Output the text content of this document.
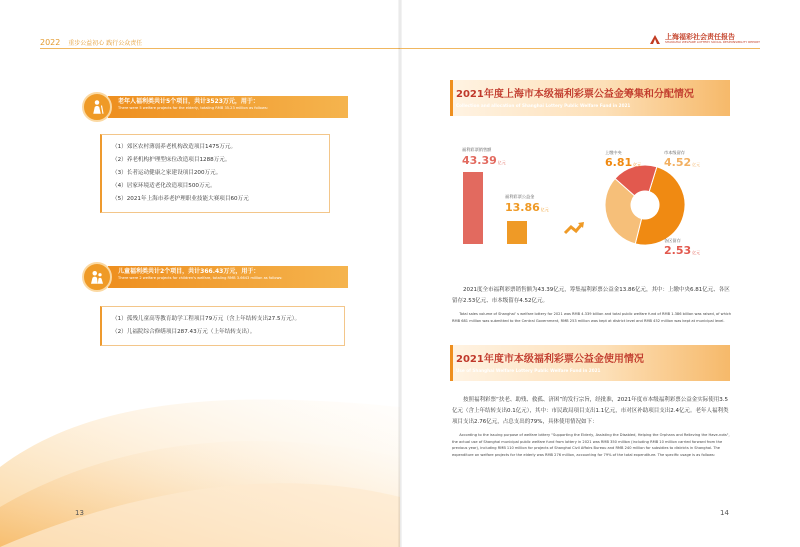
2022 重步公益初心 践行公众责任
老年人福利类共计5个项目，共计3523万元，用于：
There were 5 welfare projects for the elderly, totaling RMB 35.23 million as follows:
（1）郊区农村薄弱养老机构改造项目1475万元。
（2）养老机构护理型床位改造项目1288万元。
（3）长者运动健康之家建设项目200万元。
（4）居家环境适老化改造项目500万元。
（5）2021年上海市养老护理职业技能大赛项目60万元
儿童福利类共计2个项目，共计366.43万元，用于：
There were 2 welfare projects for children's welfare, totaling RMB 3.6643 million as follows:
（1）孤残儿童高等教育助学工程项目79万元（含上年结转支出27.5万元）。
（2）儿福院综合修缮项目287.43万元（上年结转支出）。
13	14
上海福彩社会责任报告
SHANGHAI WELFARE LOTTERY SOCIAL RESPONSIBILITY REPORT
2021年度上海市本级福利彩票公益金筹集和分配情况
Collection and allocation of Shanghai Lottery Public Welfare Fund in 2021
福利彩票销售额
43.39亿元
福利彩票公益金
13.86亿元
上缴中央
6.81亿元
市本级留存
4.52亿元
各区留存
2.53亿元
2021度全市福利彩票销售额为43.39亿元，筹集福利彩票公益金13.86亿元，其中：上缴中央6.81亿元、各区留存2.53亿元、市本级留存4.52亿元。
Total sales volume of Shanghai’ s welfare lottery for 2021 was RMB 4.339 billion and total public welfare fund of RMB 1.386 billion was raised, of which RMB 681 million was submitted to the Central Government, RMB 253 million was kept at district level and RMB 452 million was kept at municipal level.
2021年度市本级福利彩票公益金使用情况
Use of Shanghai Welfare Lottery Public Welfare Fund in 2021
按照福利彩票“扶老、助残、救孤、济困”的发行宗旨，经批准，2021年度市本级福利彩票公益金实际使用3.5亿元（含上年结转支出0.1亿元），其中：市民政局项目支出1.1亿元，市对区补助项目支出2.4亿元。老年人福利类项目支出2.76亿元，占总支出的79%，具体使用情况如下：
According to the issuing purpose of welfare lottery "Supporting the Elderly, Assisting the Disabled, Helping the Orphans and Relieving the Have-nots", the actual use of Shanghai municipal public welfare fund from lottery in 2021 was RMB 350 million (including RMB 10 million carried forward from the previous year), including RMB 110 million for projects of Shanghai Civil Affairs Bureau and RMB 240 million for subsidies to districts in Shanghai. The expenditure on welfare projects for the elderly was RMB 276 million, accounting for 79% of the total expenditure. The specific usage is as follows:
